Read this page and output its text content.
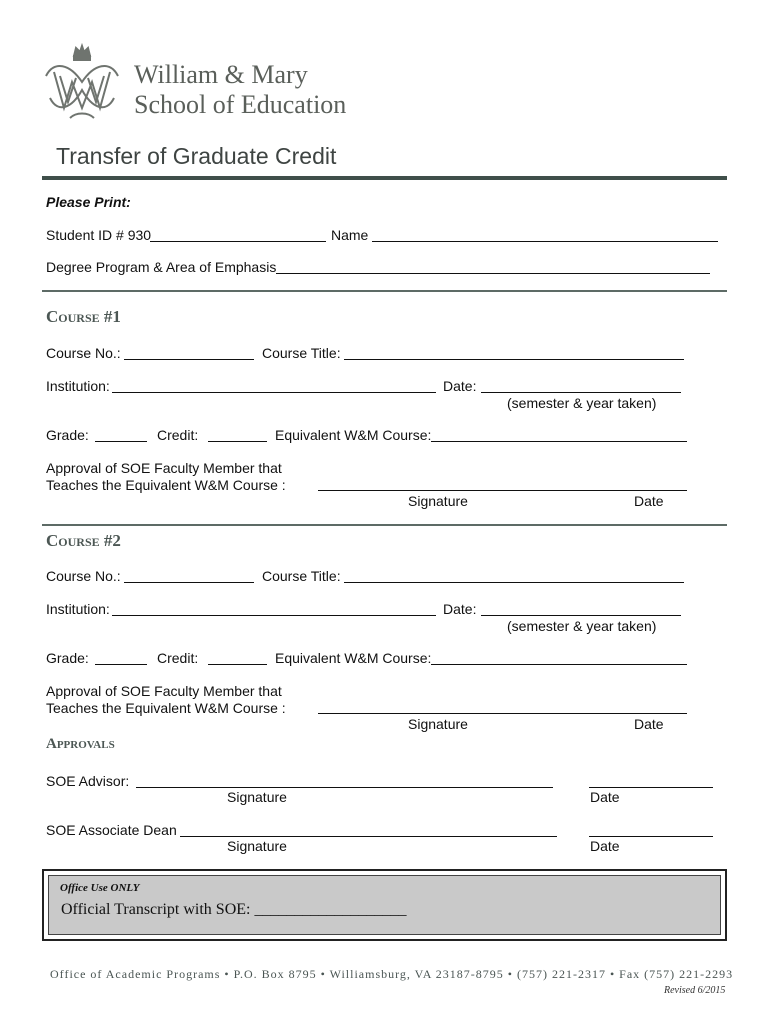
William & Mary
School of Education
Transfer of Graduate Credit
Please Print:
Student ID # 930	Name
Degree Program & Area of Emphasis
Course #1
Course No.:	Course Title:
Institution:	Date:
(semester & year taken)
Grade:	Credit:	Equivalent W&M Course:
Approval of SOE Faculty Member that
Teaches the Equivalent W&M Course :
Signature	Date
Course #2
Course No.:	Course Title:
Institution:	Date:
(semester & year taken)
Grade:	Credit:	Equivalent W&M Course:
Approval of SOE Faculty Member that
Teaches the Equivalent W&M Course :
Signature	Date
Approvals
SOE Advisor:
Signature	Date
SOE Associate Dean
Signature	Date
Office Use ONLY
Official Transcript with SOE: ___________________
Office of Academic Programs • P.O. Box 8795 • Williamsburg, VA 23187-8795 • (757) 221-2317 • Fax (757) 221-2293
Revised 6/2015
